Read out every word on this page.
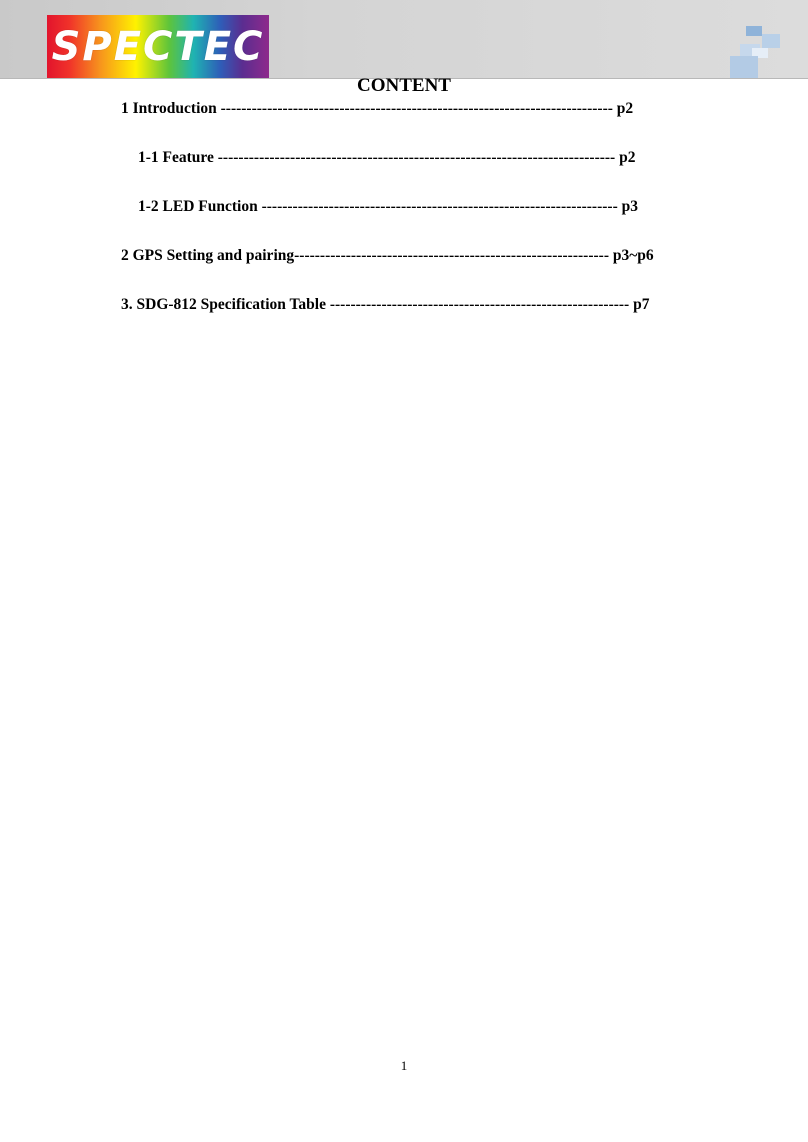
SPECTEC
CONTENT
1 Introduction ---------------------------------------------------------------------------- p2
1-1 Feature ----------------------------------------------------------------------------- p2
1-2 LED Function --------------------------------------------------------------------- p3
2 GPS Setting and pairing------------------------------------------------------------- p3~p6
3. SDG-812 Specification Table ---------------------------------------------------------- p7
1
